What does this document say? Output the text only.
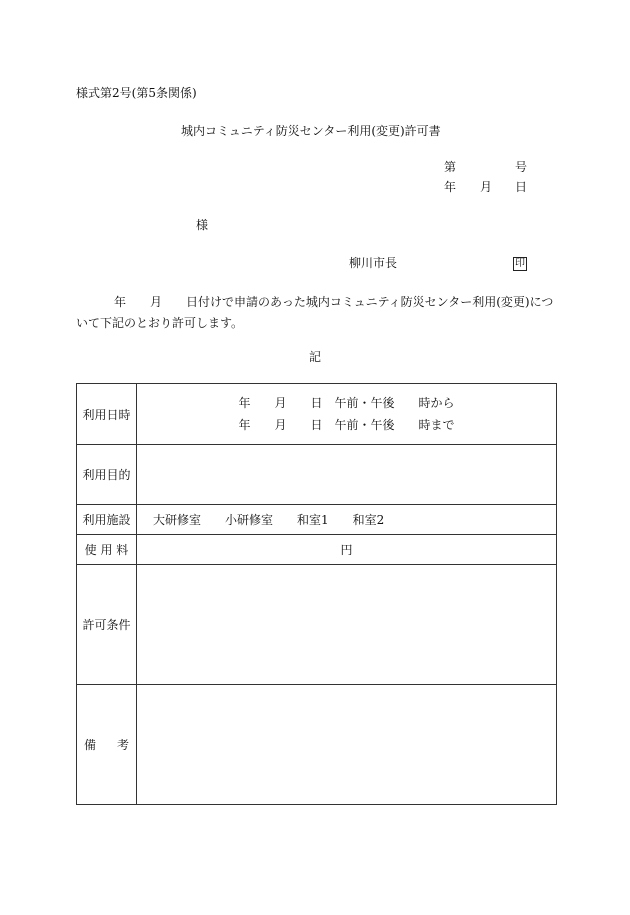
様式第2号(第5条関係)
城内コミュニティ防災センター利用(変更)許可書
第	号
年 月 日
様
柳川市長	印
年　　月　　日付けで申請のあった城内コミュニティ防災センター利用(変更)について下記のとおり許可します。
記
利用日時	年　　月　　日　午前・午後　　時から
年　　月　　日　午前・午後　　時まで

利用目的	
利用施設	大研修室　　小研修室　　和室1　　和室2
使 用 料	円
許可条件	

備 考	
